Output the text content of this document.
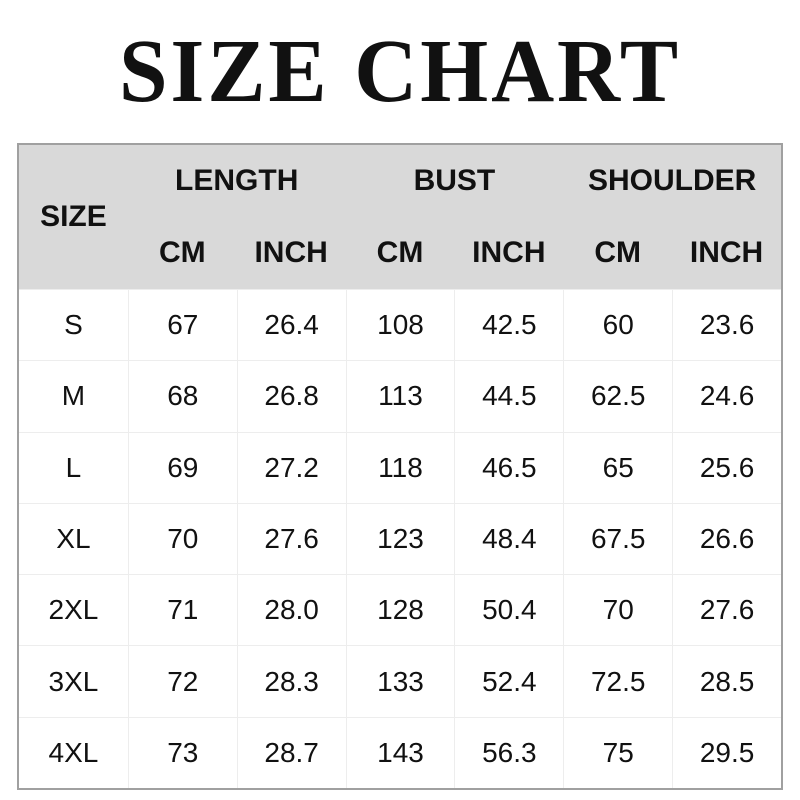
SIZE CHART
SIZE
LENGTH	BUST	SHOULDER
CM	INCH	CM	INCH	CM	INCH
S	67	26.4	108	42.5	60	23.6
M	68	26.8	113	44.5	62.5	24.6
L	69	27.2	118	46.5	65	25.6
XL	70	27.6	123	48.4	67.5	26.6
2XL	71	28.0	128	50.4	70	27.6
3XL	72	28.3	133	52.4	72.5	28.5
4XL	73	28.7	143	56.3	75	29.5
